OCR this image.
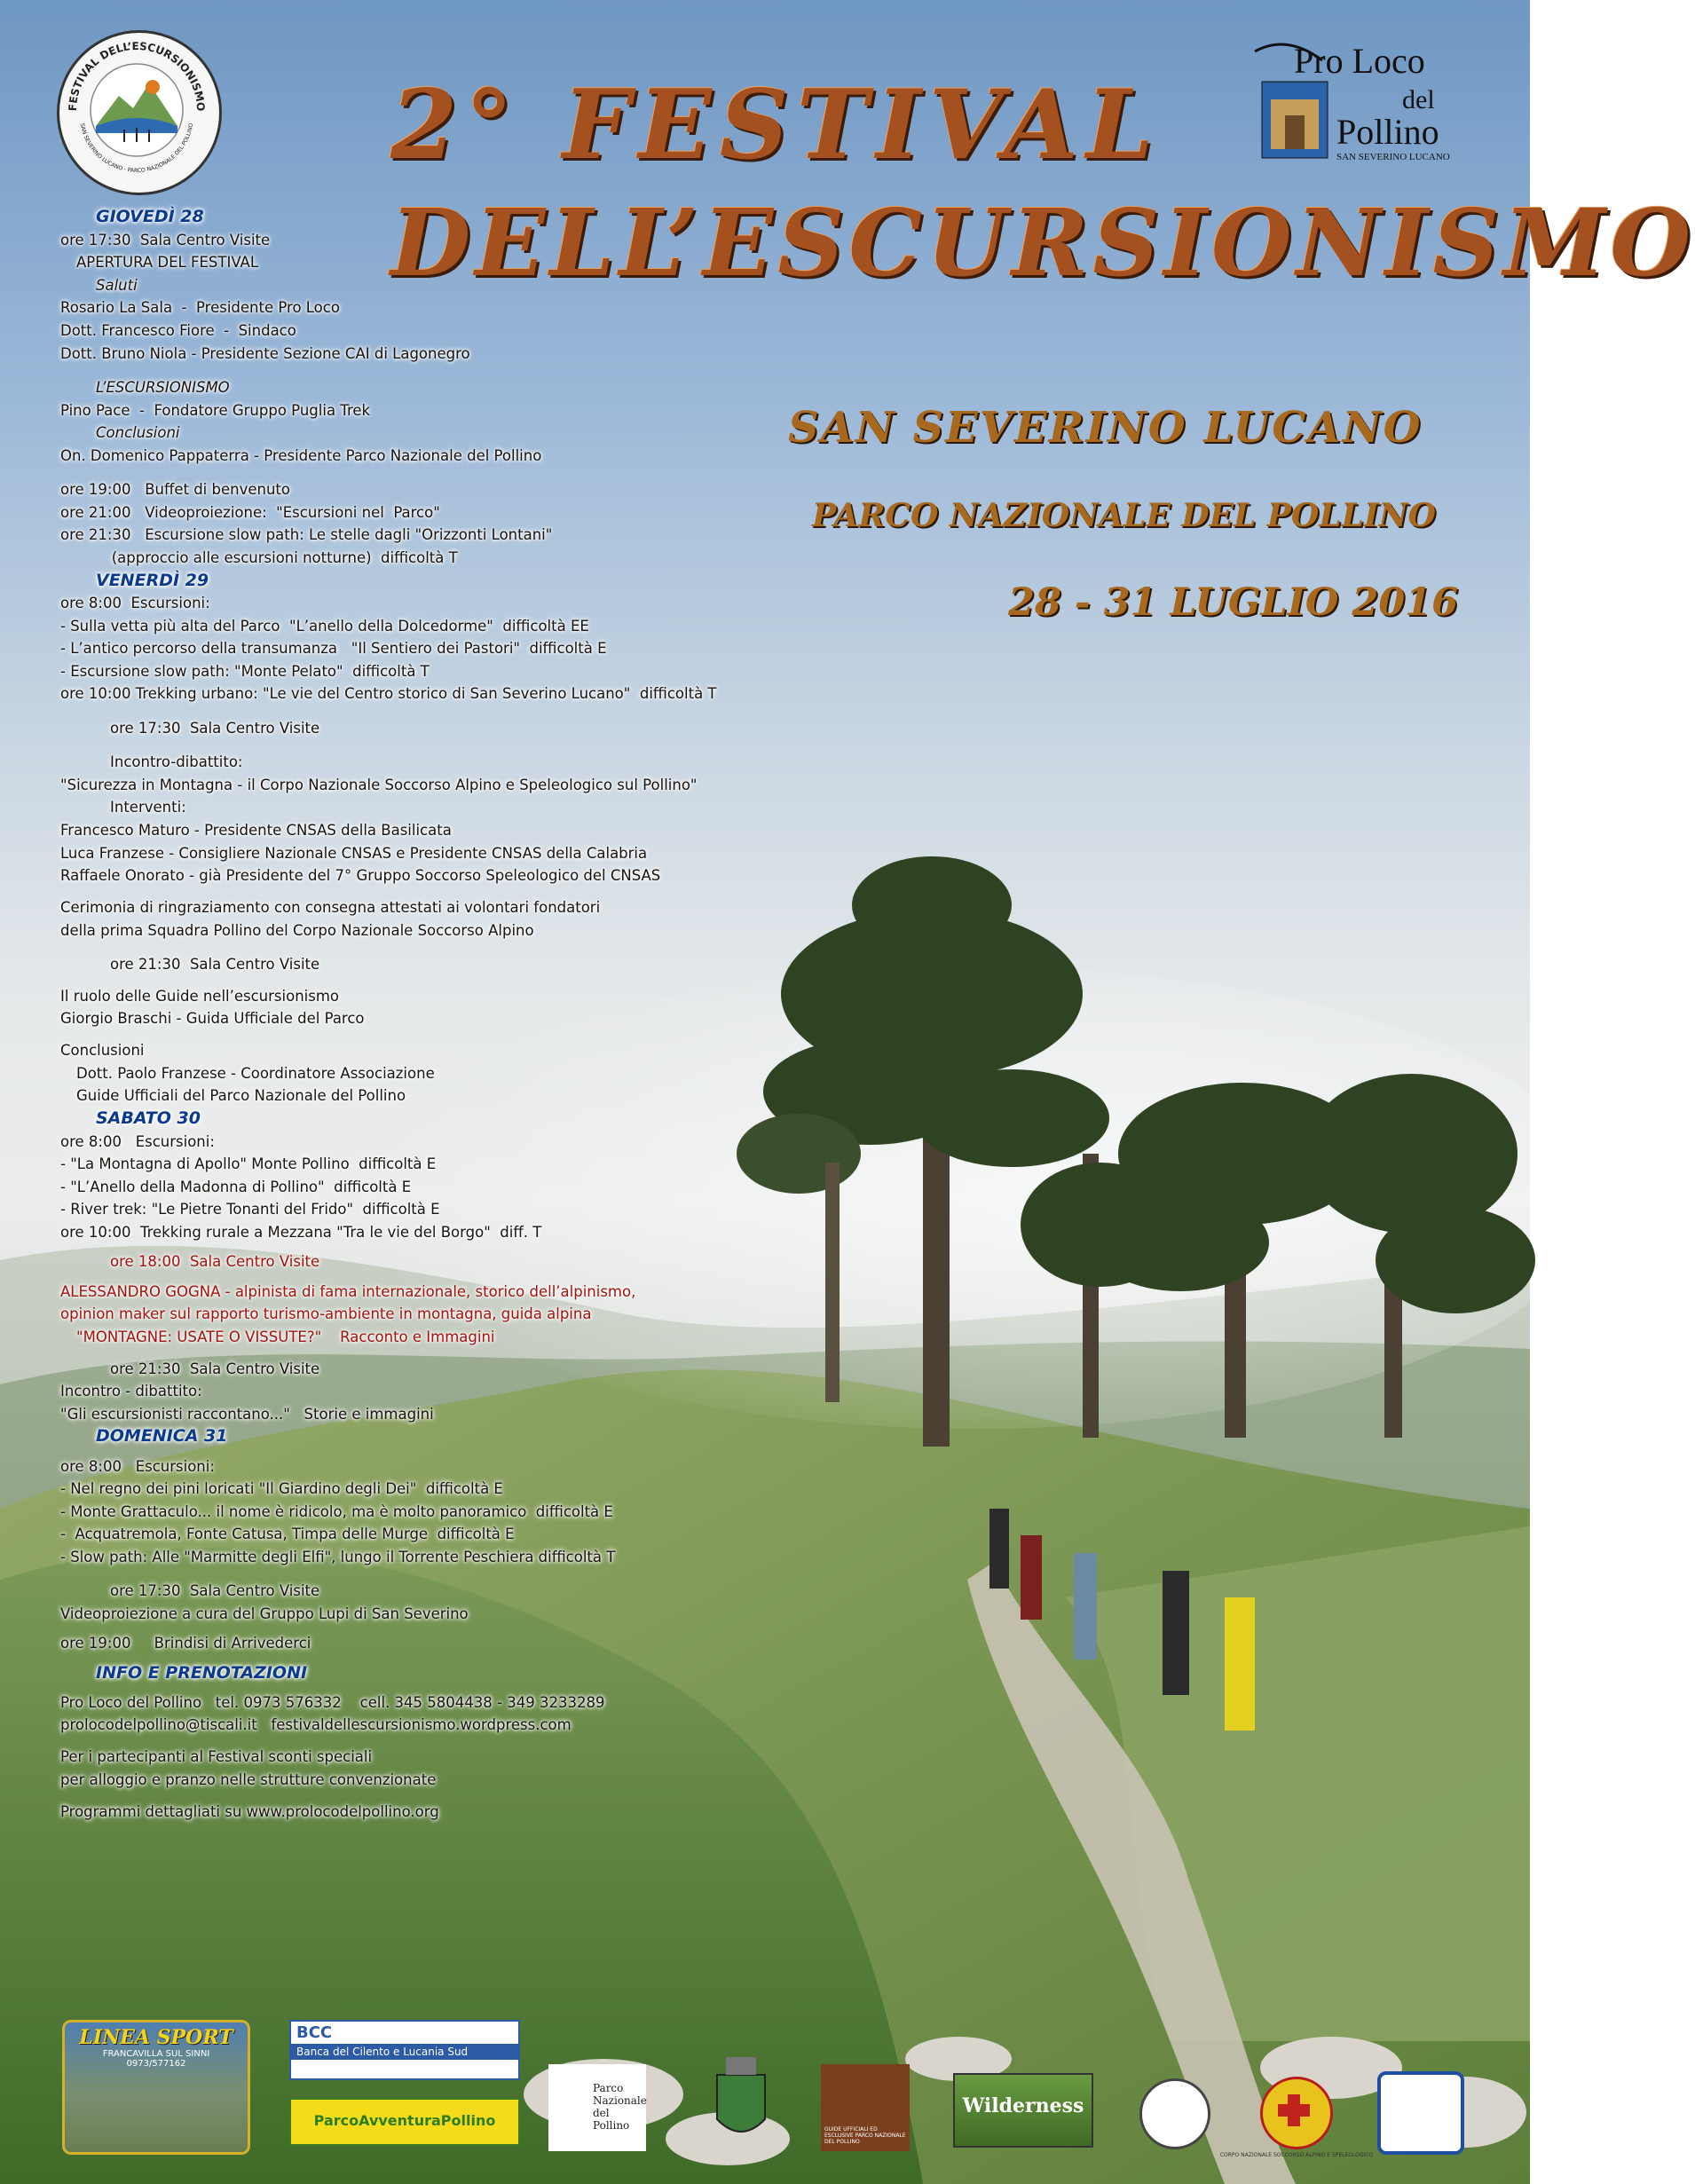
FESTIVAL DELL’ESCURSIONISMO
SAN SEVERINO LUCANO - PARCO NAZIONALE DEL POLLINO
Pro Loco
del
Pollino
SAN SEVERINO LUCANO
2° FESTIVAL
DELL’ESCURSIONISMO
SAN SEVERINO LUCANO
PARCO NAZIONALE DEL POLLINO
28 - 31 LUGLIO 2016
GIOVEDÌ 28
ore 17:30  Sala Centro Visite
APERTURA DEL FESTIVAL
Saluti
Rosario La Sala  -  Presidente Pro Loco
Dott. Francesco Fiore  -  Sindaco
Dott. Bruno Niola - Presidente Sezione CAI di Lagonegro
L’ESCURSIONISMO
Pino Pace  -  Fondatore Gruppo Puglia Trek
Conclusioni
On. Domenico Pappaterra - Presidente Parco Nazionale del Pollino
ore 19:00   Buffet di benvenuto
ore 21:00   Videoproiezione:  "Escursioni nel  Parco"
ore 21:30   Escursione slow path: Le stelle dagli "Orizzonti Lontani"
(approccio alle escursioni notturne)  difficoltà T
VENERDÌ 29
ore 8:00  Escursioni:
- Sulla vetta più alta del Parco  "L’anello della Dolcedorme"  difficoltà EE
- L’antico percorso della transumanza   "Il Sentiero dei Pastori"  difficoltà E
- Escursione slow path: "Monte Pelato"  difficoltà T
ore 10:00 Trekking urbano: "Le vie del Centro storico di San Severino Lucano"  difficoltà T
ore 17:30  Sala Centro Visite
Incontro-dibattito:
"Sicurezza in Montagna - il Corpo Nazionale Soccorso Alpino e Speleologico sul Pollino"
Interventi:
Francesco Maturo - Presidente CNSAS della Basilicata
Luca Franzese - Consigliere Nazionale CNSAS e Presidente CNSAS della Calabria
Raffaele Onorato - già Presidente del 7° Gruppo Soccorso Speleologico del CNSAS
Cerimonia di ringraziamento con consegna attestati ai volontari fondatori
della prima Squadra Pollino del Corpo Nazionale Soccorso Alpino
ore 21:30  Sala Centro Visite
Il ruolo delle Guide nell’escursionismo
Giorgio Braschi - Guida Ufficiale del Parco
Conclusioni
Dott. Paolo Franzese - Coordinatore Associazione
Guide Ufficiali del Parco Nazionale del Pollino
SABATO 30
ore 8:00   Escursioni:
- "La Montagna di Apollo" Monte Pollino  difficoltà E
- "L’Anello della Madonna di Pollino"  difficoltà E
- River trek: "Le Pietre Tonanti del Frido"  difficoltà E
ore 10:00  Trekking rurale a Mezzana "Tra le vie del Borgo"  diff. T
ore 18:00  Sala Centro Visite
ALESSANDRO GOGNA - alpinista di fama internazionale, storico dell’alpinismo,
opinion maker sul rapporto turismo-ambiente in montagna, guida alpina
"MONTAGNE: USATE O VISSUTE?"    Racconto e Immagini
ore 21:30  Sala Centro Visite
Incontro - dibattito:
"Gli escursionisti raccontano..."   Storie e immagini
DOMENICA 31
ore 8:00   Escursioni:
- Nel regno dei pini loricati "Il Giardino degli Dei"  difficoltà E
- Monte Grattaculo... il nome è ridicolo, ma è molto panoramico  difficoltà E
-  Acquatremola, Fonte Catusa, Timpa delle Murge  difficoltà E
- Slow path: Alle "Marmitte degli Elfi", lungo il Torrente Peschiera difficoltà T
ore 17:30  Sala Centro Visite
Videoproiezione a cura del Gruppo Lupi di San Severino
ore 19:00     Brindisi di Arrivederci
INFO E PRENOTAZIONI
Pro Loco del Pollino   tel. 0973 576332    cell. 345 5804438 - 349 3233289
prolocodelpollino@tiscali.it   festivaldellescursionismo.wordpress.com
Per i partecipanti al Festival sconti speciali
per alloggio e pranzo nelle strutture convenzionate
Programmi dettagliati su www.prolocodelpollino.org
LINEA SPORT
FRANCAVILLA SUL SINNI
0973/577162
BCC
Banca del Cilento e Lucania Sud
ParcoAvventuraPollino
Parco Nazionale del Pollino	GUIDE UFFICIALI ED ESCLUSIVE PARCO NAZIONALE DEL POLLINO
Wilderness
CORPO NAZIONALE SOCCORSO ALPINO E SPELEOLOGICO
